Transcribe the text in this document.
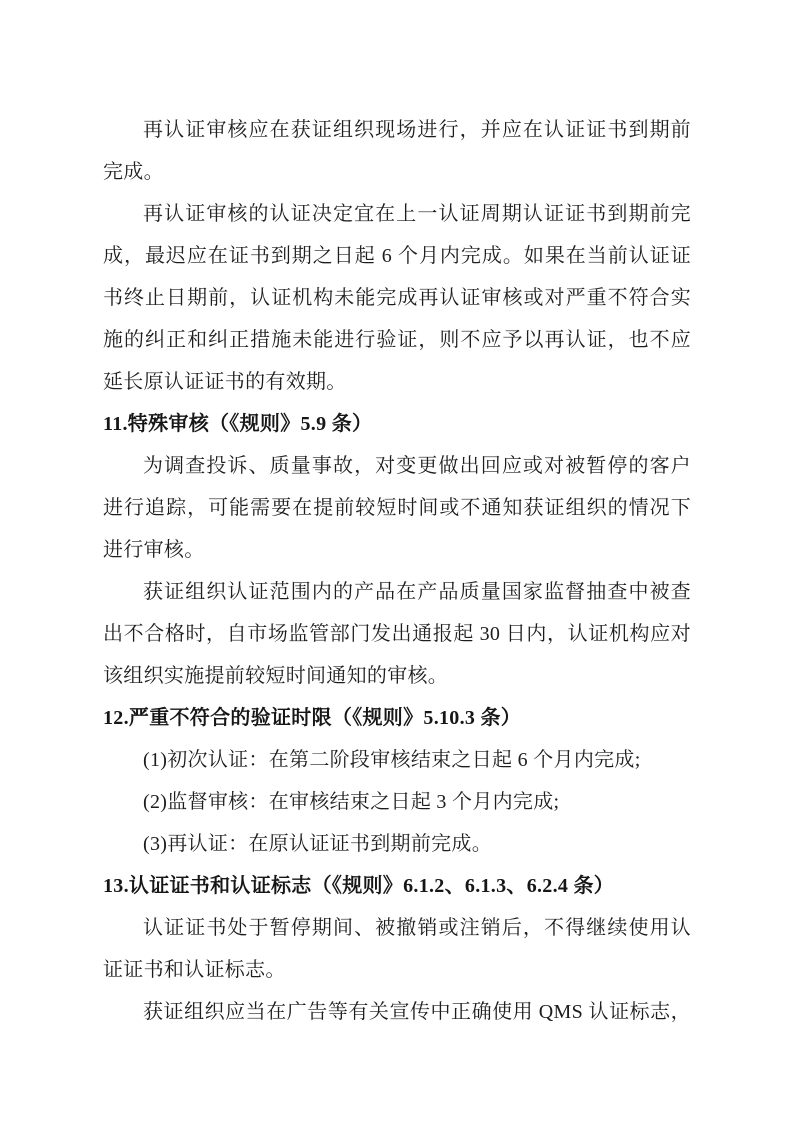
再认证审核应在获证组织现场进行，并应在认证证书到期前
完成。
再认证审核的认证决定宜在上一认证周期认证证书到期前完
成，最迟应在证书到期之日起 6 个月内完成。如果在当前认证证
书终止日期前，认证机构未能完成再认证审核或对严重不符合实
施的纠正和纠正措施未能进行验证，则不应予以再认证，也不应
延长原认证证书的有效期。
11.特殊审核（《规则》5.9 条）
为调查投诉、质量事故，对变更做出回应或对被暂停的客户
进行追踪，可能需要在提前较短时间或不通知获证组织的情况下
进行审核。
获证组织认证范围内的产品在产品质量国家监督抽查中被查
出不合格时，自市场监管部门发出通报起 30 日内，认证机构应对
该组织实施提前较短时间通知的审核。
12.严重不符合的验证时限（《规则》5.10.3 条）
(1)初次认证：在第二阶段审核结束之日起 6 个月内完成;
(2)监督审核：在审核结束之日起 3 个月内完成;
(3)再认证：在原认证证书到期前完成。
13.认证证书和认证标志（《规则》6.1.2、6.1.3、6.2.4 条）
认证证书处于暂停期间、被撤销或注销后，不得继续使用认
证证书和认证标志。
获证组织应当在广告等有关宣传中正确使用 QMS 认证标志，
